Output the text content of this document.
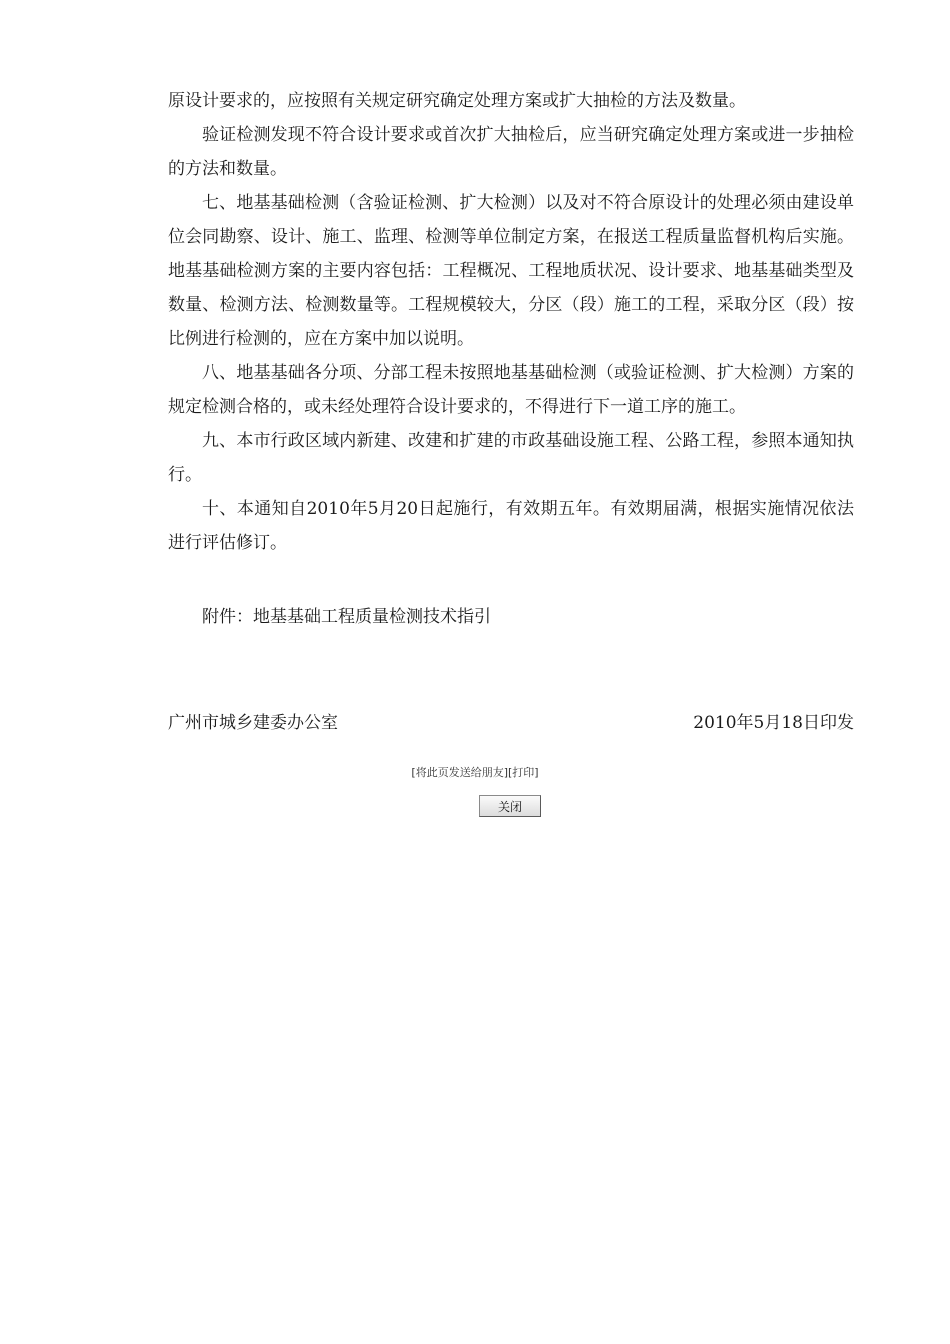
原设计要求的，应按照有关规定研究确定处理方案或扩大抽检的方法及数量。

验证检测发现不符合设计要求或首次扩大抽检后，应当研究确定处理方案或进一步抽检的方法和数量。

七、地基基础检测（含验证检测、扩大检测）以及对不符合原设计的处理必须由建设单位会同勘察、设计、施工、监理、检测等单位制定方案，在报送工程质量监督机构后实施。地基基础检测方案的主要内容包括：工程概况、工程地质状况、设计要求、地基基础类型及数量、检测方法、检测数量等。工程规模较大，分区（段）施工的工程，采取分区（段）按比例进行检测的，应在方案中加以说明。

八、地基基础各分项、分部工程未按照地基基础检测（或验证检测、扩大检测）方案的规定检测合格的，或未经处理符合设计要求的，不得进行下一道工序的施工。

九、本市行政区域内新建、改建和扩建的市政基础设施工程、公路工程，参照本通知执行。

十、本通知自2010年5月20日起施行，有效期五年。有效期届满，根据实施情况依法进行评估修订。

附件：地基基础工程质量检测技术指引
广州市城乡建委办公室	2010年5月18日印发
[将此页发送给朋友][打印]
关闭
